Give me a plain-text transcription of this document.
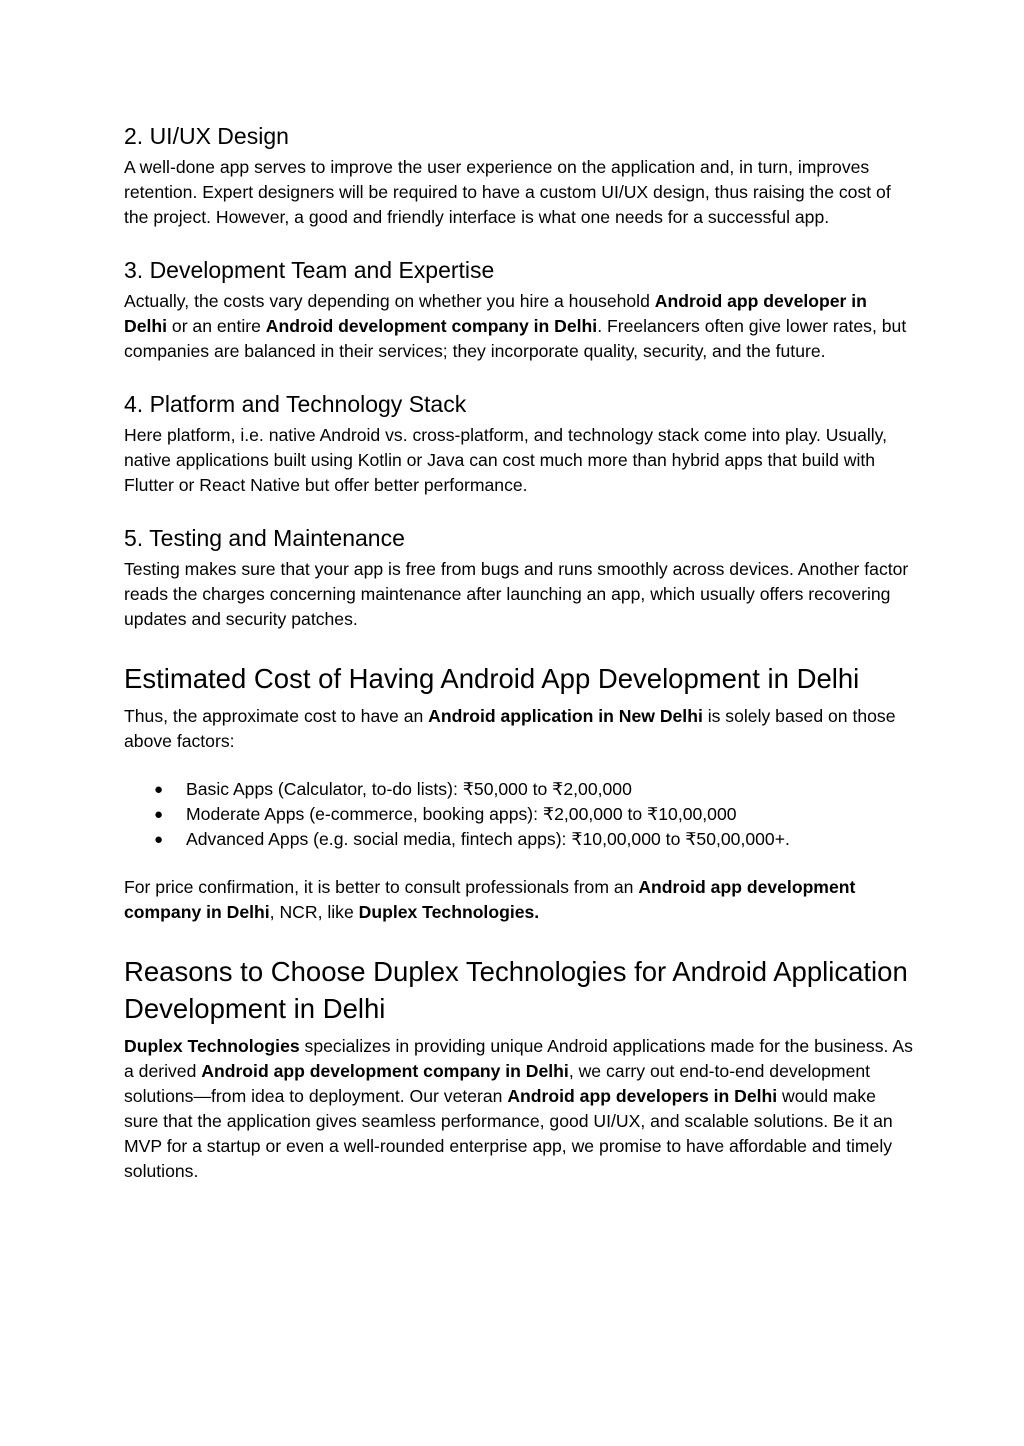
2. UI/UX Design

A well-done app serves to improve the user experience on the application and, in turn, improves retention. Expert designers will be required to have a custom UI/UX design, thus raising the cost of the project. However, a good and friendly interface is what one needs for a successful app.

3. Development Team and Expertise

Actually, the costs vary depending on whether you hire a household Android app developer in Delhi or an entire Android development company in Delhi. Freelancers often give lower rates, but companies are balanced in their services; they incorporate quality, security, and the future.

4. Platform and Technology Stack

Here platform, i.e. native Android vs. cross-platform, and technology stack come into play. Usually, native applications built using Kotlin or Java can cost much more than hybrid apps that build with Flutter or React Native but offer better performance.

5. Testing and Maintenance

Testing makes sure that your app is free from bugs and runs smoothly across devices. Another factor reads the charges concerning maintenance after launching an app, which usually offers recovering updates and security patches.

Estimated Cost of Having Android App Development in Delhi

Thus, the approximate cost to have an Android application in New Delhi is solely based on those above factors:

● Basic Apps (Calculator, to-do lists): ₹50,000 to ₹2,00,000
● Moderate Apps (e-commerce, booking apps): ₹2,00,000 to ₹10,00,000
● Advanced Apps (e.g. social media, fintech apps): ₹10,00,000 to ₹50,00,000+.

For price confirmation, it is better to consult professionals from an Android app development company in Delhi, NCR, like Duplex Technologies.

Reasons to Choose Duplex Technologies for Android Application Development in Delhi

Duplex Technologies specializes in providing unique Android applications made for the business. As a derived Android app development company in Delhi, we carry out end-to-end development solutions—from idea to deployment. Our veteran Android app developers in Delhi would make sure that the application gives seamless performance, good UI/UX, and scalable solutions. Be it an MVP for a startup or even a well-rounded enterprise app, we promise to have affordable and timely solutions.
